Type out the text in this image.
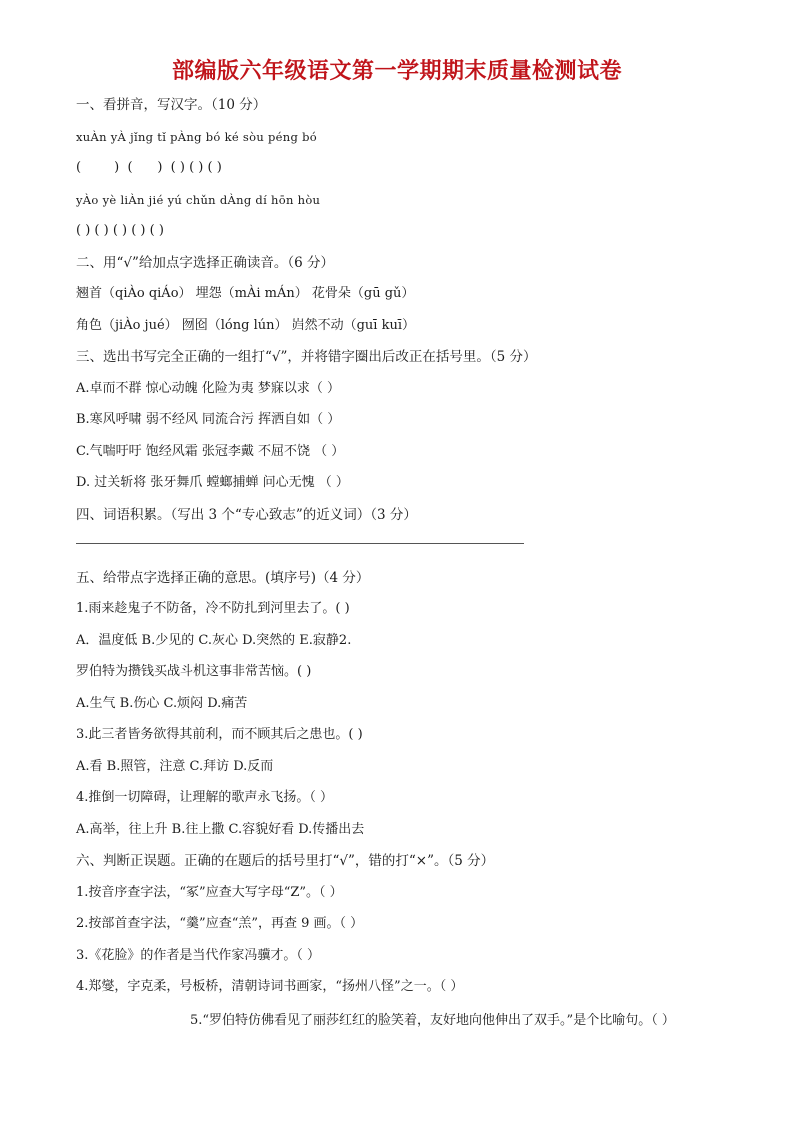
部编版六年级语文第一学期期末质量检测试卷
一、看拼音，写汉字。（10 分）
xuÀn yÀ jǐng tǐ pÀng bó ké sòu péng bó
(        )  (      )  ( ) ( ) ( )
yÀo yè liÀn jié yú chǔn dÀng dí hōn hòu
( ) ( ) ( ) ( ) ( )
二、用“√”给加点字选择正确读音。（6 分）
翘首（qiÀo qiÁo） 埋怨（mÀi mÁn） 花骨朵（gū gǔ）
角色（jiÀo jué） 囫囵（lóng lún） 岿然不动（guī kuī）
三、选出书写完全正确的一组打“√”，并将错字圈出后改正在括号里。（5 分）
A.卓而不群 惊心动魄 化险为夷 梦寐以求（ ）
B.寒风呼啸 弱不经风 同流合污 挥洒自如（ ）
C.气喘吁吁 饱经风霜 张冠李戴 不屈不饶 （ ）
D. 过关斩将 张牙舞爪 螳螂捕蝉 问心无愧 （ ）
四、词语积累。（写出 3 个“专心致志”的近义词）（3 分）
五、给带点字选择正确的意思。(填序号)（4 分）
1.雨来趁鬼子不防备，冷不防扎到河里去了。( )
A．温度低 B.少见的 C.灰心 D.突然的 E.寂静2.
罗伯特为攒钱买战斗机这事非常苦恼。( )
A.生气 B.伤心 C.烦闷 D.痛苦
3.此三者皆务欲得其前利，而不顾其后之患也。( )
A.看 B.照管，注意 C.拜访 D.反而
4.推倒一切障碍，让理解的歌声永飞扬。（ ）
A.高举，往上升 B.往上撒 C.容貌好看 D.传播出去
六、判断正误题。正确的在题后的括号里打“√”，错的打“×”。（5 分）
1.按音序查字法，“冢”应查大写字母“Z”。（ ）
2.按部首查字法，“羹”应查“羔”，再查 9 画。（ ）
3.《花脸》的作者是当代作家冯骥才。（ ）
4.郑燮，字克柔，号板桥，清朝诗词书画家，“扬州八怪”之一。（ ）
5.“罗伯特仿佛看见了丽莎红红的脸笑着，友好地向他伸出了双手。”是个比喻句。（ ）
